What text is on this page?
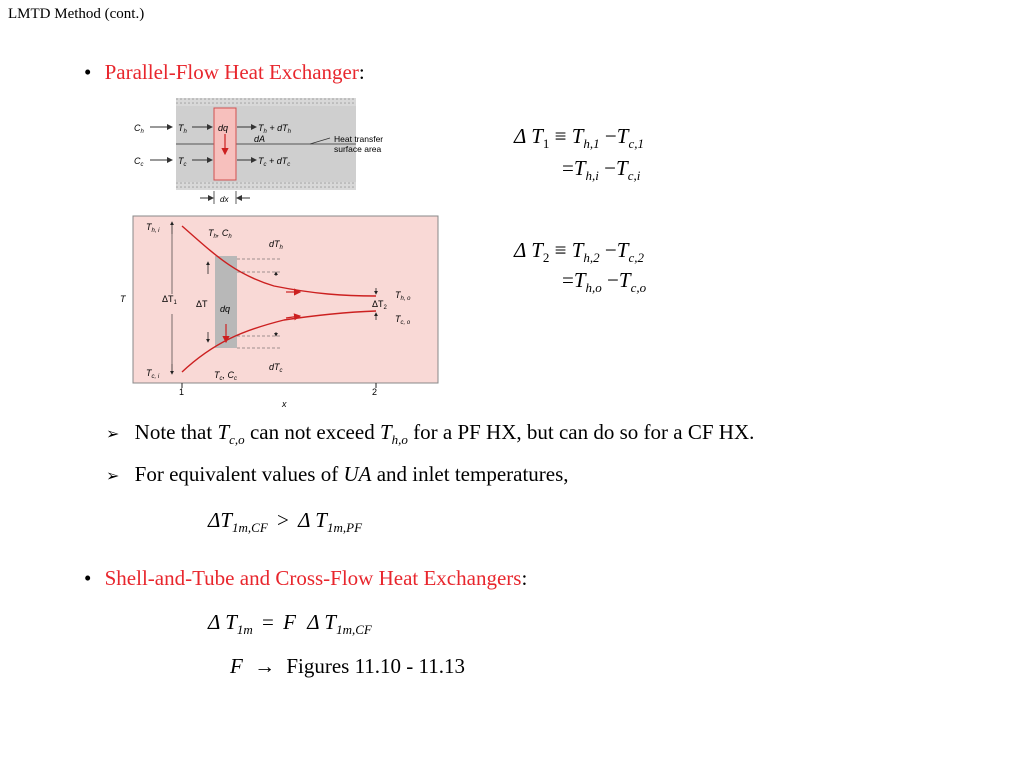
LMTD Method (cont.)
• Parallel-Flow Heat Exchanger:
$C_h$
$C_c$
$T_h$
$T_c$
dq	$T_h + dT_h$
$T_c + dT_c$
dA	Heat transfer
surface area
dx
$T_{h, i}$
$T_{c, i}$
$T_h$, $C_h$
$T_c$, $C_c$
$dT_h$
$dT_c$
T	$\Delta T_1$ ΔT dq	$\Delta T_2$
$T_{h, o}$
$T_{c, o}$
1	2
x
Δ $T_1 \equiv T_{h,1} -T_{c,1}$
$=T_{h,i} -T_{c,i}$
Δ $T_2 \equiv T_{h,2} -T_{c,2}$
$=T_{h,o} -T_{c,o}$
➢ Note that $T_{c,o}$ can not exceed $T_{h,o}$ for a PF HX, but can do so for a CF HX.
➢ For equivalent values of UA and inlet temperatures,
$\Delta T_{1m,CF} > \Delta$ $T_{1m,PF}$
• Shell-and-Tube and Cross-Flow Heat Exchangers:
Δ $T_{1m} = F$ Δ $T_{1m,CF}$
F → Figures 11.10 - 11.13
